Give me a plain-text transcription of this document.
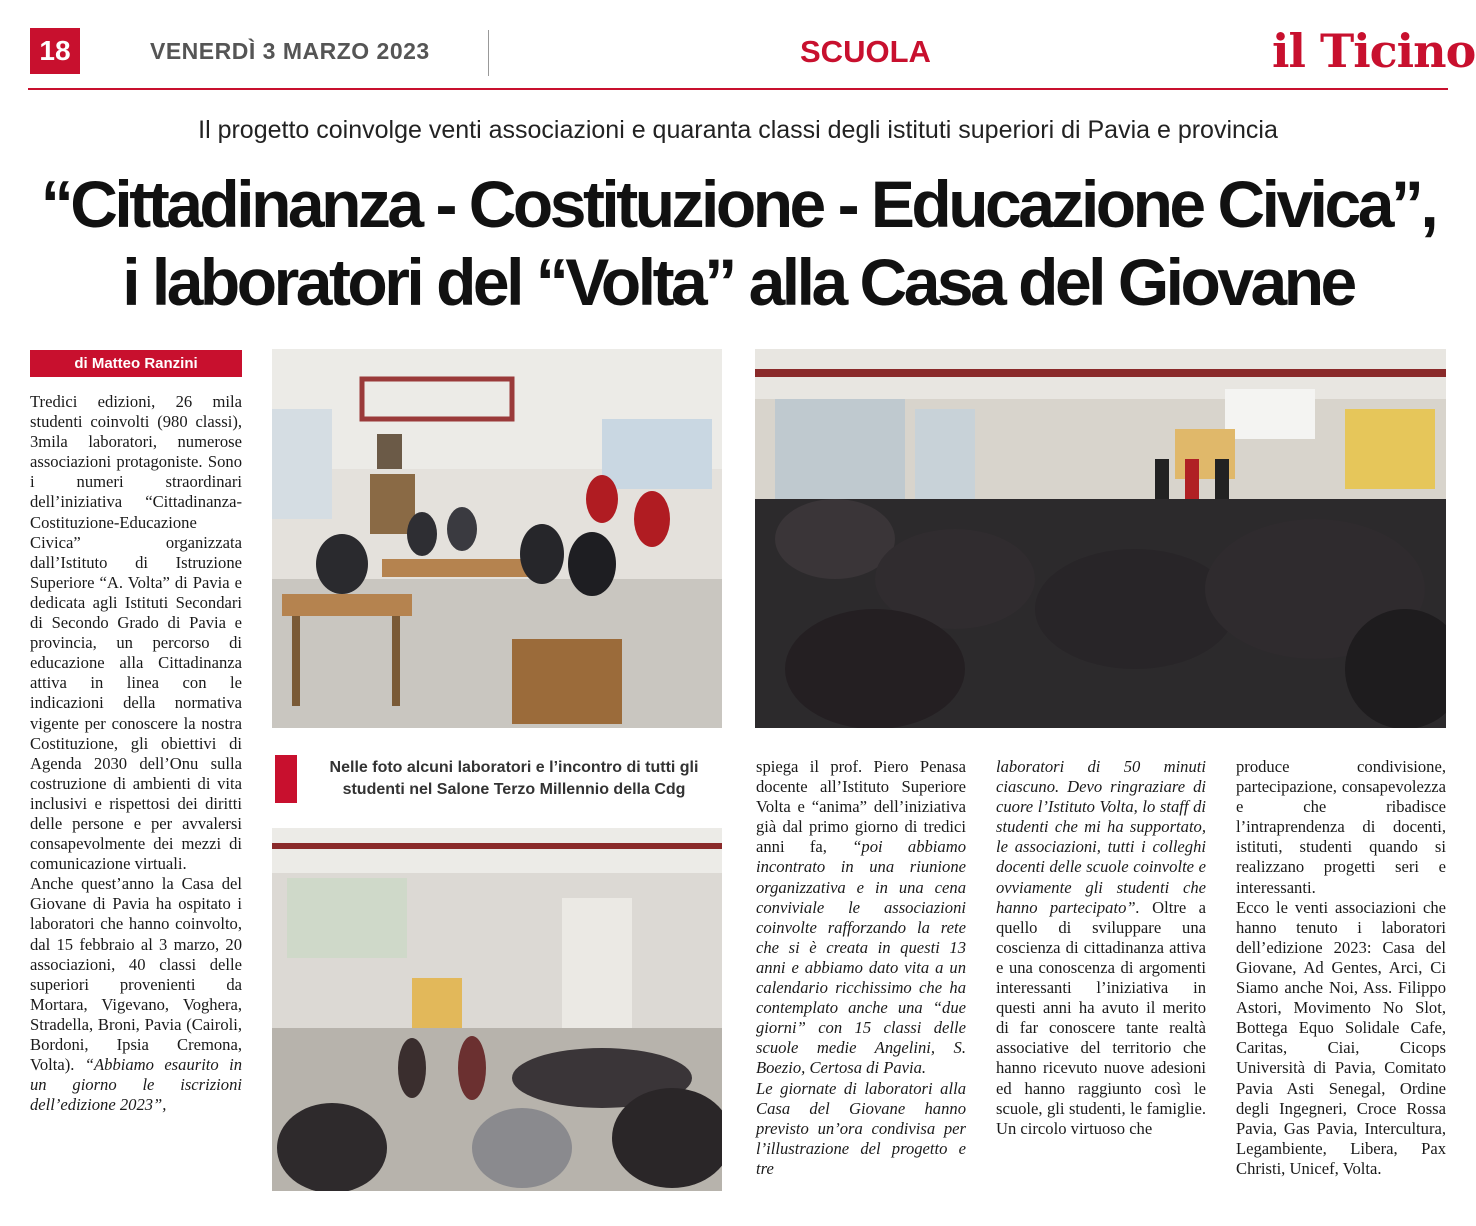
18	VENERDÌ 3 MARZO 2023	SCUOLA	il Ticino
Il progetto coinvolge venti associazioni e quaranta classi degli istituti superiori di Pavia e provincia
“Cittadinanza - Costituzione - Educazione Civica”,
i laboratori del “Volta” alla Casa del Giovane
di Matteo Ranzini

Tredici edizioni, 26 mila studenti coinvolti (980 classi), 3mila laboratori, numerose associazioni protagoniste. Sono i numeri straordinari dell’iniziativa “Cittadinanza-Costituzione-Educazione Civica” organizzata dall’Istituto di Istruzione Superiore “A. Volta” di Pavia e dedicata agli Istituti Secondari di Secondo Grado di Pavia e provincia, un percorso di educazione alla Cittadinanza attiva in linea con le indicazioni della normativa vigente per conoscere la nostra Costituzione, gli obiettivi di Agenda 2030 dell’Onu sulla costruzione di ambienti di vita inclusivi e rispettosi dei diritti delle persone e per avvalersi consapevolmente dei mezzi di comunicazione virtuali.

Anche quest’anno la Casa del Giovane di Pavia ha ospitato i laboratori che hanno coinvolto, dal 15 febbraio al 3 marzo, 20 associazioni, 40 classi delle superiori provenienti da Mortara, Vigevano, Voghera, Stradella, Broni, Pavia (Cairoli, Bordoni, Ipsia Cremona, Volta). “Abbiamo esaurito in un giorno le iscrizioni dell’edizione 2023”,

Nelle foto alcuni laboratori e l’incontro di tutti gli studenti nel Salone Terzo Millennio della Cdg

spiega il prof. Piero Penasa docente all’Istituto Superiore Volta e “anima” dell’iniziativa già dal primo giorno di tredici anni fa, “poi abbiamo incontrato in una riunione organizzativa e in una cena conviviale le associazioni coinvolte rafforzando la rete che si è creata in questi 13 anni e abbiamo dato vita a un calendario ricchissimo che ha contemplato anche una “due giorni” con 15 classi delle scuole medie Angelini, S. Boezio, Certosa di Pavia.

Le giornate di laboratori alla Casa del Giovane hanno previsto un’ora condivisa per l’illustrazione del progetto e tre

laboratori di 50 minuti ciascuno. Devo ringraziare di cuore l’Istituto Volta, lo staff di studenti che mi ha supportato, le associazioni, tutti i colleghi docenti delle scuole coinvolte e ovviamente gli studenti che hanno partecipato”. Oltre a quello di sviluppare una coscienza di cittadinanza attiva e una conoscenza di argomenti interessanti l’iniziativa in questi anni ha avuto il merito di far conoscere tante realtà associative del territorio che hanno ricevuto nuove adesioni ed hanno raggiunto così le scuole, gli studenti, le famiglie. Un circolo virtuoso che

produce condivisione, partecipazione, consapevolezza e che ribadisce l’intraprendenza di docenti, istituti, studenti quando si realizzano progetti seri e interessanti.

Ecco le venti associazioni che hanno tenuto i laboratori dell’edizione 2023: Casa del Giovane, Ad Gentes, Arci, Ci Siamo anche Noi, Ass. Filippo Astori, Movimento No Slot, Bottega Equo Solidale Cafe, Caritas, Ciai, Cicops Università di Pavia, Comitato Pavia Asti Senegal, Ordine degli Ingegneri, Croce Rossa Pavia, Gas Pavia, Intercultura, Legambiente, Libera, Pax Christi, Unicef, Volta.
